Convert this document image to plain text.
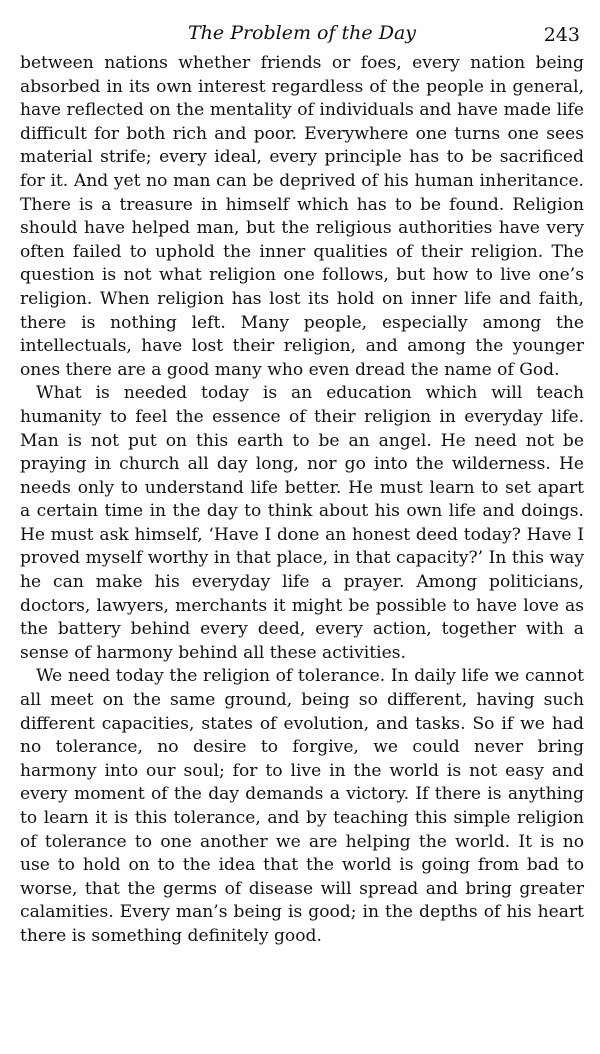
The Problem of the Day	243

between nations whether friends or foes, every nation being absorbed in its own interest regardless of the people in general, have reflected on the mentality of individuals and have made life difficult for both rich and poor. Everywhere one turns one sees material strife; every ideal, every principle has to be sacrificed for it. And yet no man can be deprived of his human inheritance. There is a treasure in himself which has to be found. Religion should have helped man, but the religious authorities have very often failed to uphold the inner qualities of their religion. The question is not what religion one follows, but how to live one’s religion. When religion has lost its hold on inner life and faith, there is nothing left. Many people, especially among the intellectuals, have lost their religion, and among the younger ones there are a good many who even dread the name of God.

What is needed today is an education which will teach humanity to feel the essence of their religion in everyday life. Man is not put on this earth to be an angel. He need not be praying in church all day long, nor go into the wilderness. He needs only to understand life better. He must learn to set apart a certain time in the day to think about his own life and doings. He must ask himself, ‘Have I done an honest deed today? Have I proved myself worthy in that place, in that capacity?’ In this way he can make his everyday life a prayer. Among politicians, doctors, lawyers, merchants it might be possible to have love as the battery behind every deed, every action, together with a sense of harmony behind all these activities.

We need today the religion of tolerance. In daily life we cannot all meet on the same ground, being so different, having such different capacities, states of evolution, and tasks. So if we had no tolerance, no desire to forgive, we could never bring harmony into our soul; for to live in the world is not easy and every moment of the day demands a victory. If there is anything to learn it is this tolerance, and by teaching this simple religion of tolerance to one another we are helping the world. It is no use to hold on to the idea that the world is going from bad to worse, that the germs of disease will spread and bring greater calamities. Every man’s being is good; in the depths of his heart there is something definitely good.
